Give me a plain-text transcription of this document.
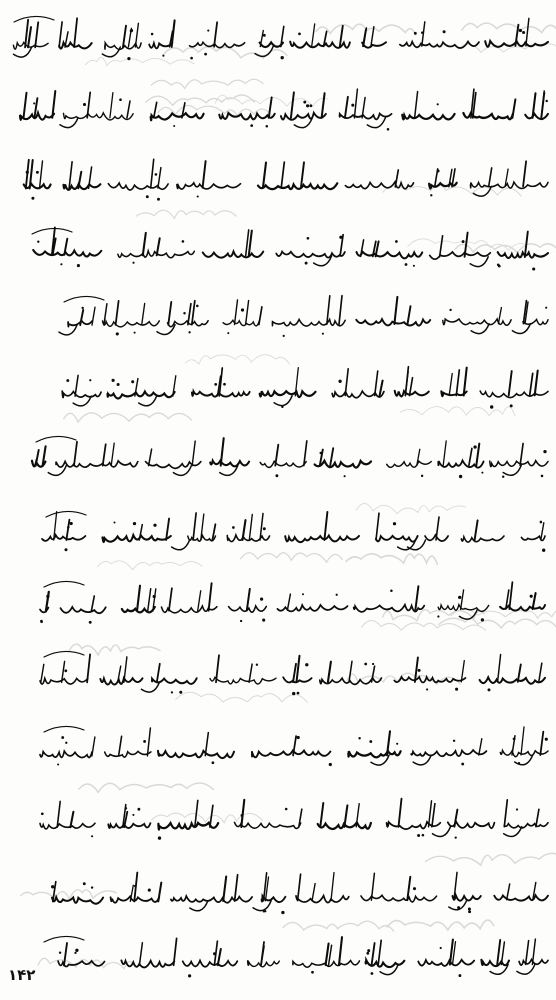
۱۴۲
